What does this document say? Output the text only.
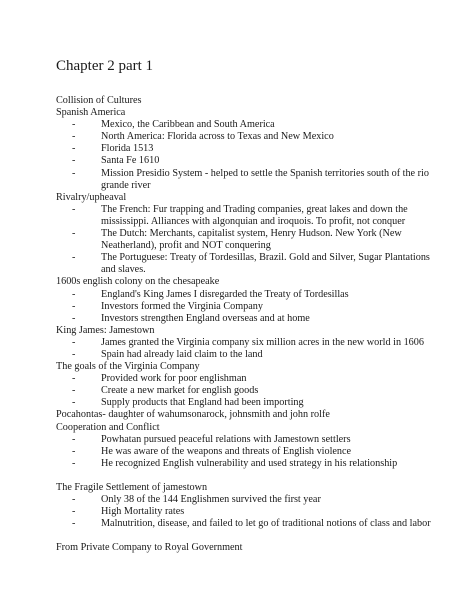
Chapter 2 part 1
Collision of Cultures
Spanish America
-	Mexico, the Caribbean and South America
-	North America: Florida across to Texas and New Mexico
-	Florida 1513
-	Santa Fe 1610
-	Mission Presidio System - helped to settle the Spanish territories south of the rio grande river
Rivalry/upheaval
-	The French: Fur trapping and Trading companies, great lakes and down the mississippi. Alliances with algonquian and iroquois. To profit, not conquer
-	The Dutch: Merchants, capitalist system, Henry Hudson. New York (New Neatherland), profit and NOT conquering
-	The Portuguese: Treaty of Tordesillas, Brazil. Gold and Silver, Sugar Plantations and slaves.
1600s english colony on the chesapeake
-	England's King James I disregarded the Treaty of Tordesillas
-	Investors formed the Virginia Company
-	Investors strengthen England overseas and at home
King James: Jamestown
-	James granted the Virginia company six million acres in the new world in 1606
-	Spain had already laid claim to the land
The goals of the Virginia Company
-	Provided work for poor englishman
-	Create a new market for english goods
-	Supply products that England had been importing
Pocahontas- daughter of wahumsonarock, johnsmith and john rolfe
Cooperation and Conflict
-	Powhatan pursued peaceful relations with Jamestown settlers
-	He was aware of the weapons and threats of English violence
-	He recognized English vulnerability and used strategy in his relationship
The Fragile Settlement of jamestown
-	Only 38 of the 144 Englishmen survived the first year
-	High Mortality rates
-	Malnutrition, disease, and failed to let go of traditional notions of class and labor
From Private Company to Royal Government
